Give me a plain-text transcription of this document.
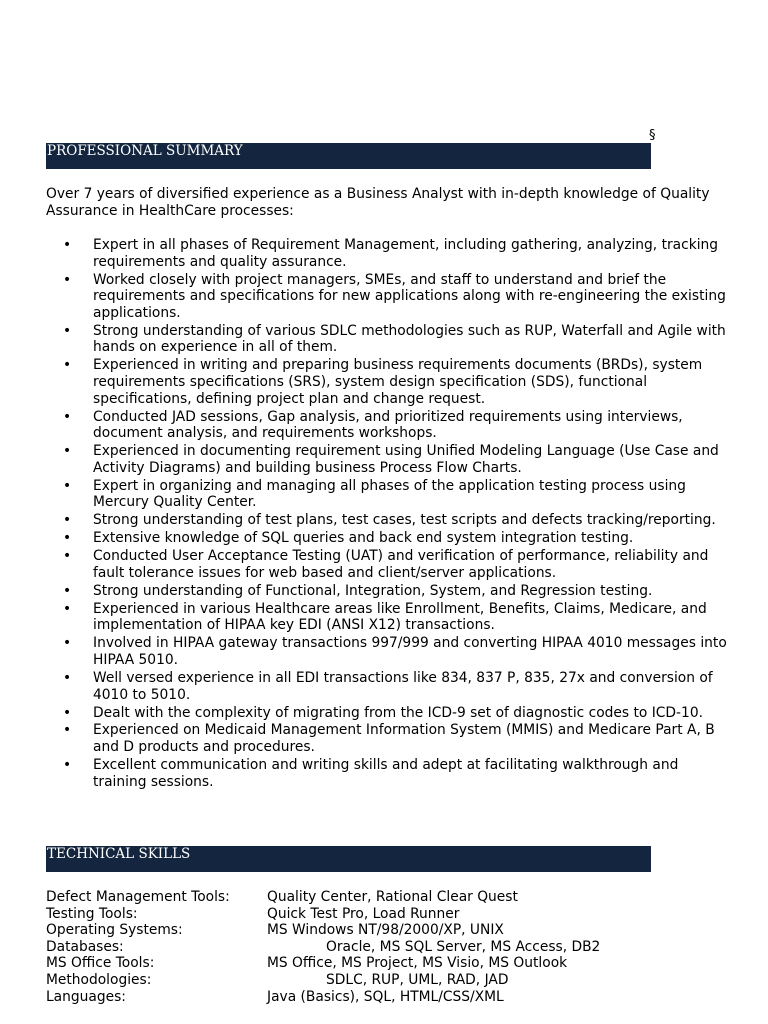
§
PROFESSIONAL SUMMARY

Over 7 years of diversified experience as a Business Analyst with in-depth knowledge of Quality Assurance in HealthCare processes:

• Expert in all phases of Requirement Management, including gathering, analyzing, tracking requirements and quality assurance.
• Worked closely with project managers, SMEs, and staff to understand and brief the requirements and specifications for new applications along with re-engineering the existing applications.
• Strong understanding of various SDLC methodologies such as RUP, Waterfall and Agile with hands on experience in all of them.
• Experienced in writing and preparing business requirements documents (BRDs), system requirements specifications (SRS), system design specification (SDS), functional specifications, defining project plan and change request.
• Conducted JAD sessions, Gap analysis, and prioritized requirements using interviews, document analysis, and requirements workshops.
• Experienced in documenting requirement using Unified Modeling Language (Use Case and Activity Diagrams) and building business Process Flow Charts.
• Expert in organizing and managing all phases of the application testing process using Mercury Quality Center.
• Strong understanding of test plans, test cases, test scripts and defects tracking/reporting.
• Extensive knowledge of SQL queries and back end system integration testing.
• Conducted User Acceptance Testing (UAT) and verification of performance, reliability and fault tolerance issues for web based and client/server applications.
• Strong understanding of Functional, Integration, System, and Regression testing.
• Experienced in various Healthcare areas like Enrollment, Benefits, Claims, Medicare, and implementation of HIPAA key EDI (ANSI X12) transactions.
• Involved in HIPAA gateway transactions 997/999 and converting HIPAA 4010 messages into HIPAA 5010.
• Well versed experience in all EDI transactions like 834, 837 P, 835, 27x and conversion of 4010 to 5010.
• Dealt with the complexity of migrating from the ICD-9 set of diagnostic codes to ICD-10.
• Experienced on Medicaid Management Information System (MMIS) and Medicare Part A, B and D products and procedures.
• Excellent communication and writing skills and adept at facilitating walkthrough and training sessions.
TECHNICAL SKILLS
Defect Management Tools:	Quality Center, Rational Clear Quest
Testing Tools:	Quick Test Pro, Load Runner
Operating Systems:	MS Windows NT/98/2000/XP, UNIX
Databases:	Oracle, MS SQL Server, MS Access, DB2
MS Office Tools:	MS Office, MS Project, MS Visio, MS Outlook
Methodologies:	SDLC, RUP, UML, RAD, JAD
Languages:	Java (Basics), SQL, HTML/CSS/XML
